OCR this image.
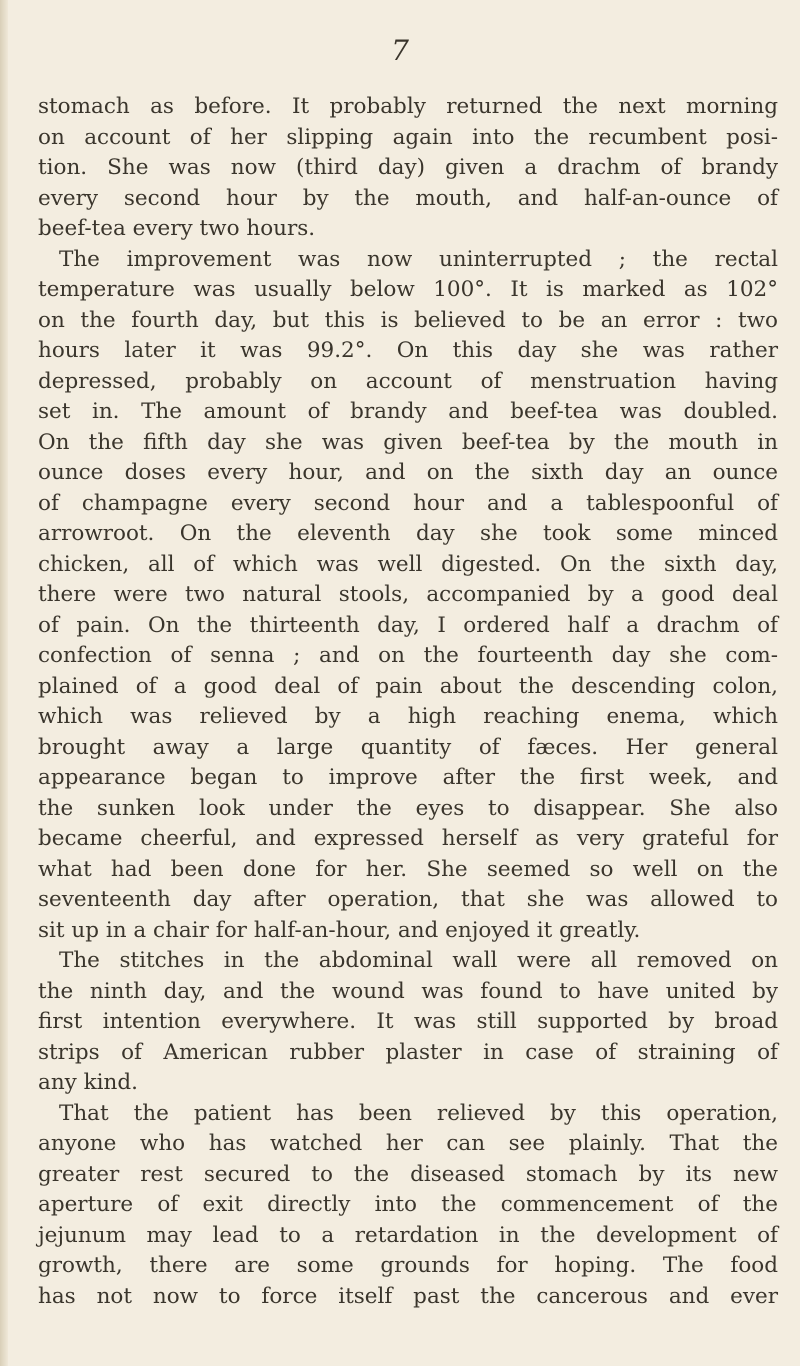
7
stomach as before. It probably returned the next morning
on account of her slipping again into the recumbent posi-
tion. She was now (third day) given a drachm of brandy
every second hour by the mouth, and half-an-ounce of
beef-tea every two hours.
The improvement was now uninterrupted ; the rectal
temperature was usually below 100°. It is marked as 102°
on the fourth day, but this is believed to be an error : two
hours later it was 99.2°. On this day she was rather
depressed, probably on account of menstruation having
set in. The amount of brandy and beef-tea was doubled.
On the fifth day she was given beef-tea by the mouth in
ounce doses every hour, and on the sixth day an ounce
of champagne every second hour and a tablespoonful of
arrowroot. On the eleventh day she took some minced
chicken, all of which was well digested. On the sixth day,
there were two natural stools, accompanied by a good deal
of pain. On the thirteenth day, I ordered half a drachm of
confection of senna ; and on the fourteenth day she com-
plained of a good deal of pain about the descending colon,
which was relieved by a high reaching enema, which
brought away a large quantity of fæces. Her general
appearance began to improve after the first week, and
the sunken look under the eyes to disappear. She also
became cheerful, and expressed herself as very grateful for
what had been done for her. She seemed so well on the
seventeenth day after operation, that she was allowed to
sit up in a chair for half-an-hour, and enjoyed it greatly.
The stitches in the abdominal wall were all removed on
the ninth day, and the wound was found to have united by
first intention everywhere. It was still supported by broad
strips of American rubber plaster in case of straining of
any kind.
That the patient has been relieved by this operation,
anyone who has watched her can see plainly. That the
greater rest secured to the diseased stomach by its new
aperture of exit directly into the commencement of the
jejunum may lead to a retardation in the development of
growth, there are some grounds for hoping. The food
has not now to force itself past the cancerous and ever
